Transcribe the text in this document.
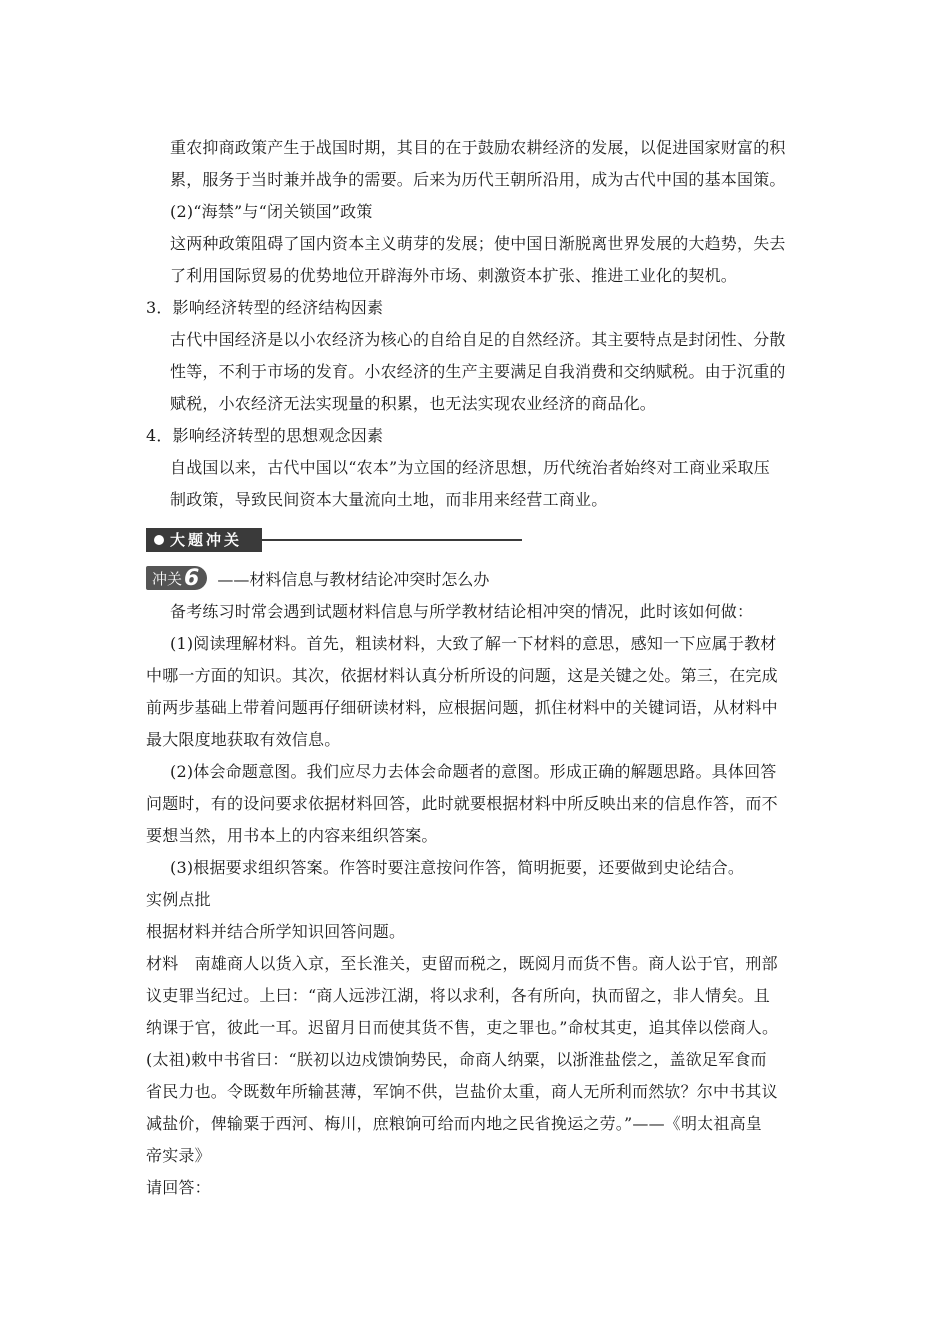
重农抑商政策产生于战国时期，其目的在于鼓励农耕经济的发展，以促进国家财富的积

累，服务于当时兼并战争的需要。后来为历代王朝所沿用，成为古代中国的基本国策。

(2)“海禁”与“闭关锁国”政策

这两种政策阻碍了国内资本主义萌芽的发展；使中国日渐脱离世界发展的大趋势，失去

了利用国际贸易的优势地位开辟海外市场、刺激资本扩张、推进工业化的契机。

3．影响经济转型的经济结构因素

古代中国经济是以小农经济为核心的自给自足的自然经济。其主要特点是封闭性、分散

性等，不利于市场的发育。小农经济的生产主要满足自我消费和交纳赋税。由于沉重的

赋税，小农经济无法实现量的积累，也无法实现农业经济的商品化。

4．影响经济转型的思想观念因素

自战国以来，古代中国以“农本”为立国的经济思想，历代统治者始终对工商业采取压

制政策，导致民间资本大量流向土地，而非用来经营工商业。

大题冲关
冲关 6 ——材料信息与教材结论冲突时怎么办

备考练习时常会遇到试题材料信息与所学教材结论相冲突的情况，此时该如何做：

(1)阅读理解材料。首先，粗读材料，大致了解一下材料的意思，感知一下应属于教材

中哪一方面的知识。其次，依据材料认真分析所设的问题，这是关键之处。第三，在完成

前两步基础上带着问题再仔细研读材料，应根据问题，抓住材料中的关键词语，从材料中

最大限度地获取有效信息。

(2)体会命题意图。我们应尽力去体会命题者的意图。形成正确的解题思路。具体回答

问题时，有的设问要求依据材料回答，此时就要根据材料中所反映出来的信息作答，而不

要想当然，用书本上的内容来组织答案。

(3)根据要求组织答案。作答时要注意按问作答，简明扼要，还要做到史论结合。

实例点批

根据材料并结合所学知识回答问题。

材料　南雄商人以货入京，至长淮关，吏留而税之，既阅月而货不售。商人讼于官，刑部

议吏罪当纪过。上曰：“商人远涉江湖，将以求利，各有所向，执而留之，非人情矣。且

纳课于官，彼此一耳。迟留月日而使其货不售，吏之罪也。”命杖其吏，追其倖以偿商人。

(太祖)敕中书省曰：“朕初以边戍馈饷势民，命商人纳粟，以浙淮盐偿之，盖欲足军食而

省民力也。令既数年所输甚薄，军饷不供，岂盐价太重，商人无所利而然欤？尔中书其议

减盐价，俾输粟于西河、梅川，庶粮饷可给而内地之民省挽运之劳。”——《明太祖高皇

帝实录》

请回答：
